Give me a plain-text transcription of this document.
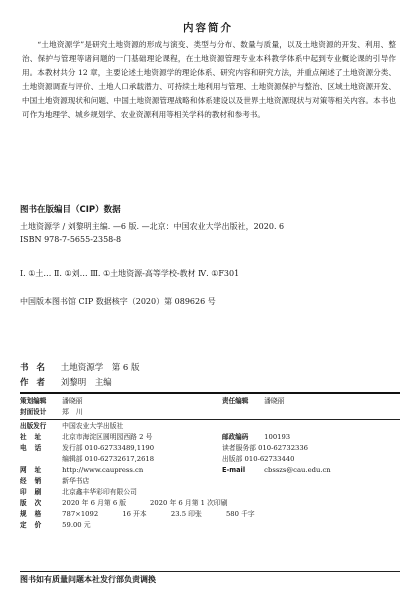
内容简介
“土地资源学”是研究土地资源的形成与演变、类型与分布、数量与质量，以及土地资源的开发、利用、整治、保护与管理等诸问题的一门基础理论课程，在土地资源管理专业本科教学体系中起到专业概论课的引导作用。本教材共分 12 章，主要论述土地资源学的理论体系、研究内容和研究方法，并重点阐述了土地资源分类、土地资源调查与评价、土地人口承载潜力、可持续土地利用与管理、土地资源保护与整治、区域土地资源开发、中国土地资源现状和问题、中国土地资源管理战略和体系建设以及世界土地资源现状与对策等相关内容。本书也可作为地理学、城乡规划学、农业资源利用等相关学科的教材和参考书。
图书在版编目（CIP）数据
土地资源学 / 刘黎明主编. —6 版. —北京：中国农业大学出版社，2020. 6
ISBN 978-7-5655-2358-8
Ⅰ. ①土… Ⅱ. ①刘… Ⅲ. ①土地资源-高等学校-教材 Ⅳ. ①F301
中国版本图书馆 CIP 数据核字（2020）第 089626 号
书名 土地资源学　第 6 版
作者 刘黎明　主编
策划编辑 潘晓丽	责任编辑 潘晓丽
封面设计 郑　川
出版发行 中国农业大学出版社
社址 北京市海淀区圆明园西路 2 号	邮政编码 100193
电话 发行部 010-62733489,1190	读者服务部 010-62732336
编辑部 010-62732617,2618	出版部 010-62733440
网址 http://www.caupress.cn	E-mail	cbsszs@cau.edu.cn
经销 新华书店
印刷 北京鑫丰华彩印有限公司
版次 2020 年 6 月第 6 版	2020 年 6 月第 1 次印刷
规格 787×1092	16 开本	23.5 印张	580 千字
定价 59.00 元
图书如有质量问题本社发行部负责调换
